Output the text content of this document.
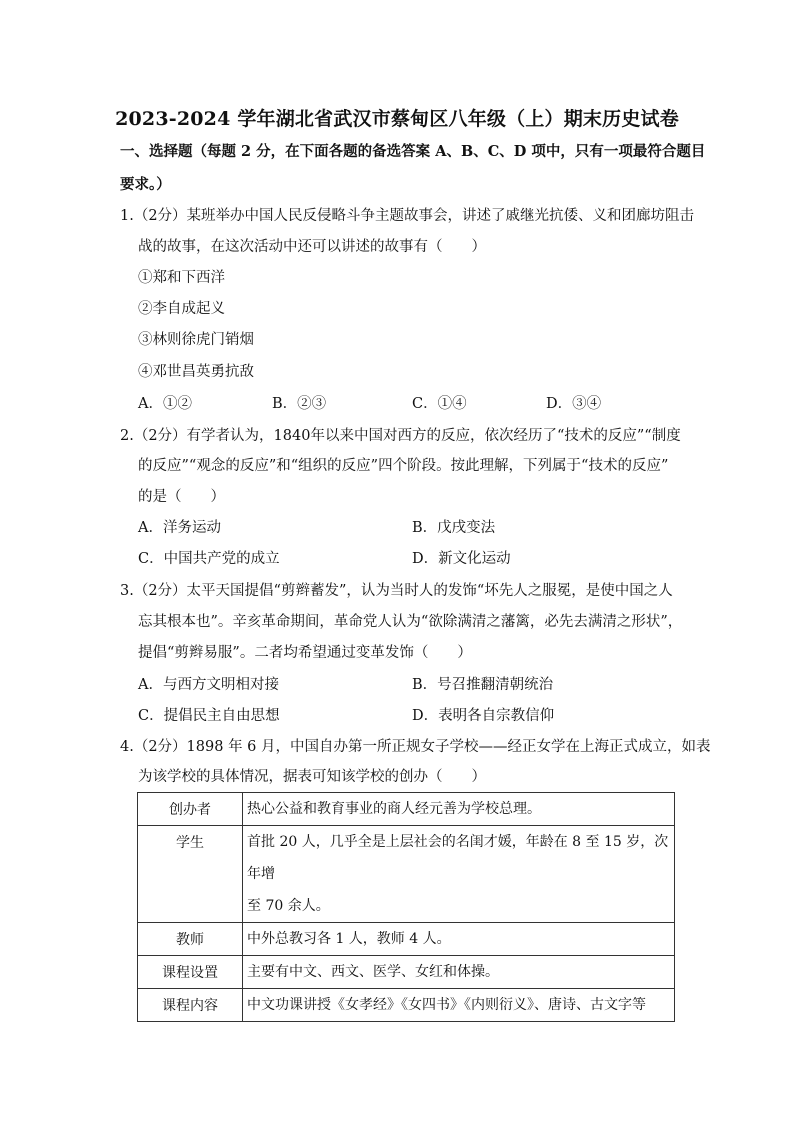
2023-2024 学年湖北省武汉市蔡甸区八年级（上）期末历史试卷
一、选择题（每题 2 分，在下面各题的备选答案 A、B、C、D 项中，只有一项最符合题目
要求。）
1.（2分）某班举办中国人民反侵略斗争主题故事会，讲述了戚继光抗倭、义和团廊坊阻击
战的故事，在这次活动中还可以讲述的故事有（　　）
①郑和下西洋
②李自成起义
③林则徐虎门销烟
④邓世昌英勇抗敌
A．①②	B．②③	C．①④	D．③④
2.（2分）有学者认为，1840年以来中国对西方的反应，依次经历了“技术的反应”“制度
的反应”“观念的反应”和“组织的反应”四个阶段。按此理解，下列属于“技术的反应”
的是（　　）
A．洋务运动	B．戊戌变法
C．中国共产党的成立	D．新文化运动
3.（2分）太平天国提倡“剪辫蓄发”，认为当时人的发饰“坏先人之服冕，是使中国之人
忘其根本也”。辛亥革命期间，革命党人认为“欲除满清之藩篱，必先去满清之形状”，
提倡“剪辫易服”。二者均希望通过变革发饰（　　）
A．与西方文明相对接	B．号召推翻清朝统治
C．提倡民主自由思想	D．表明各自宗教信仰
4.（2分）1898 年 6 月，中国自办第一所正规女子学校——经正女学在上海正式成立，如表
为该学校的具体情况，据表可知该学校的创办（　　）
创办者	热心公益和教育事业的商人经元善为学校总理。
学生	首批 20 人，几乎全是上层社会的名闺才媛，年龄在 8 至 15 岁，次年增
至 70 余人。

教师	中外总教习各 1 人，教师 4 人。
课程设置	主要有中文、西文、医学、女红和体操。
课程内容	中文功课讲授《女孝经》《女四书》《内则衍义》、唐诗、古文字等
